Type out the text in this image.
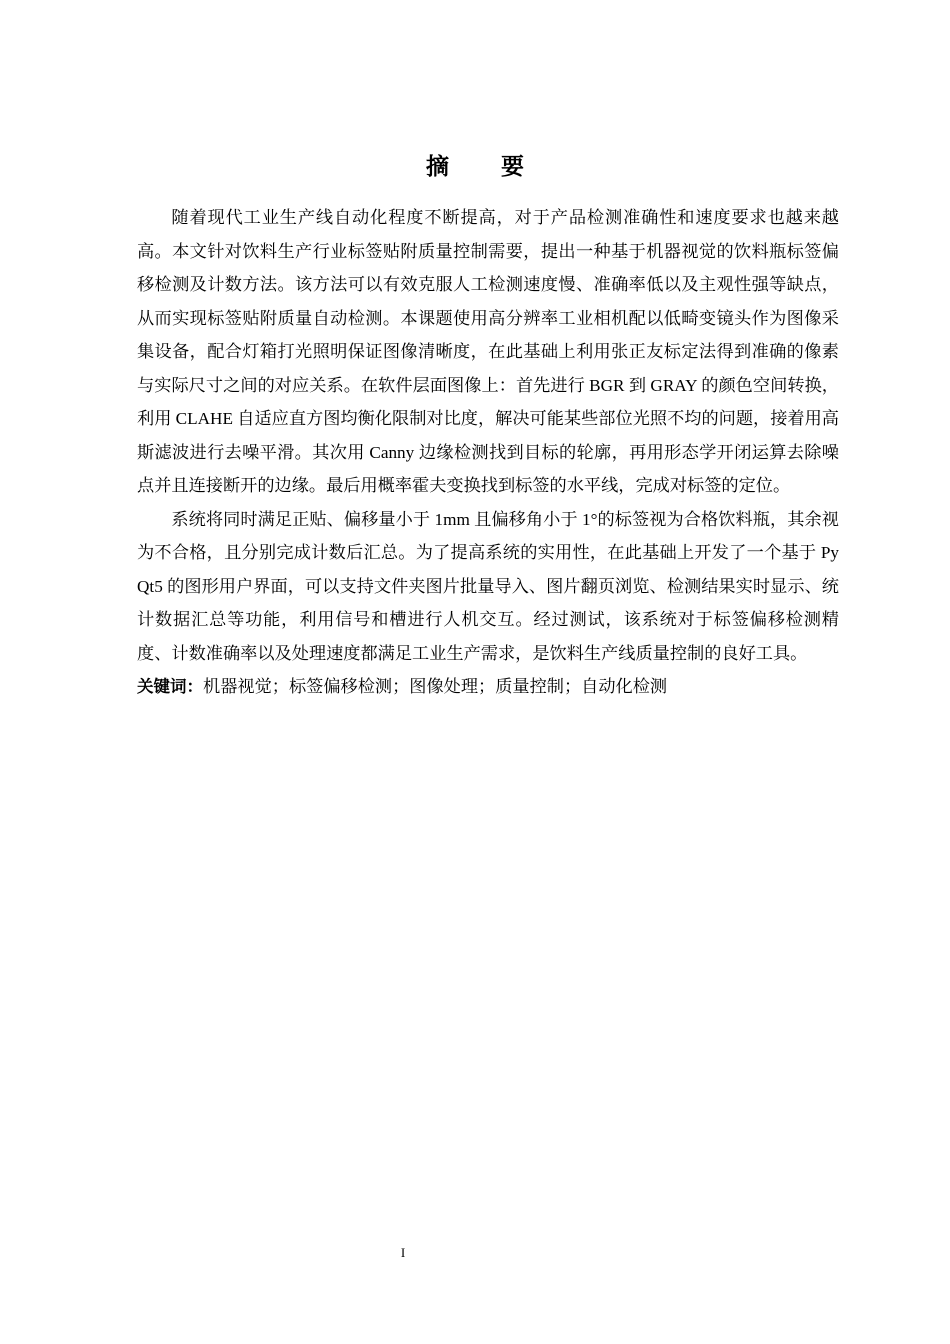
摘 要

随着现代工业生产线自动化程度不断提高，对于产品检测准确性和速度要求也越来越高。本文针对饮料生产行业标签贴附质量控制需要，提出一种基于机器视觉的饮料瓶标签偏移检测及计数方法。该方法可以有效克服人工检测速度慢、准确率低以及主观性强等缺点，从而实现标签贴附质量自动检测。本课题使用高分辨率工业相机配以低畸变镜头作为图像采集设备，配合灯箱打光照明保证图像清晰度，在此基础上利用张正友标定法得到准确的像素与实际尺寸之间的对应关系。在软件层面图像上：首先进行 BGR 到 GRAY 的颜色空间转换，利用 CLAHE 自适应直方图均衡化限制对比度，解决可能某些部位光照不均的问题，接着用高斯滤波进行去噪平滑。其次用 Canny 边缘检测找到目标的轮廓，再用形态学开闭运算去除噪点并且连接断开的边缘。最后用概率霍夫变换找到标签的水平线，完成对标签的定位。

系统将同时满足正贴、偏移量小于 1mm 且偏移角小于 1°的标签视为合格饮料瓶，其余视为不合格，且分别完成计数后汇总。为了提高系统的实用性，在此基础上开发了一个基于 PyQt5 的图形用户界面，可以支持文件夹图片批量导入、图片翻页浏览、检测结果实时显示、统计数据汇总等功能，利用信号和槽进行人机交互。经过测试，该系统对于标签偏移检测精度、计数准确率以及处理速度都满足工业生产需求，是饮料生产线质量控制的良好工具。

关键词：机器视觉；标签偏移检测；图像处理；质量控制；自动化检测

I
